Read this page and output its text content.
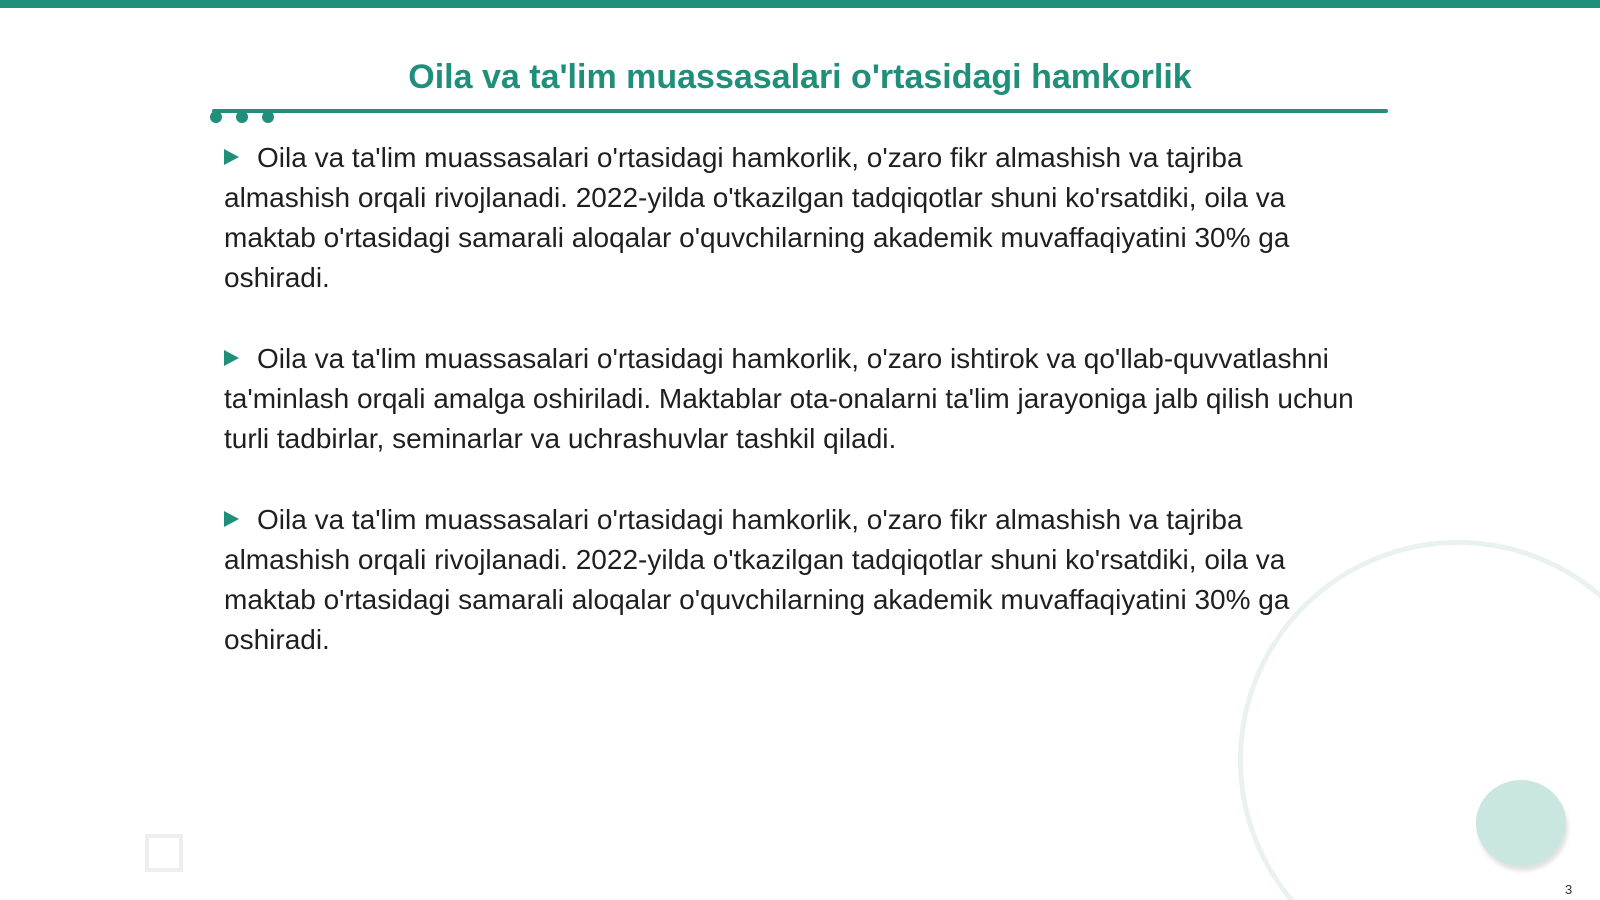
Oila va ta'lim muassasalari o'rtasidagi hamkorlik

Oila va ta'lim muassasalari o'rtasidagi hamkorlik, o'zaro fikr almashish va tajriba almashish orqali rivojlanadi. 2022-yilda o'tkazilgan tadqiqotlar shuni ko'rsatdiki, oila va maktab o'rtasidagi samarali aloqalar o'quvchilarning akademik muvaffaqiyatini 30% ga oshiradi.

Oila va ta'lim muassasalari o'rtasidagi hamkorlik, o'zaro ishtirok va qo'llab-quvvatlashni ta'minlash orqali amalga oshiriladi. Maktablar ota-onalarni ta'lim jarayoniga jalb qilish uchun turli tadbirlar, seminarlar va uchrashuvlar tashkil qiladi.

Oila va ta'lim muassasalari o'rtasidagi hamkorlik, o'zaro fikr almashish va tajriba almashish orqali rivojlanadi. 2022-yilda o'tkazilgan tadqiqotlar shuni ko'rsatdiki, oila va maktab o'rtasidagi samarali aloqalar o'quvchilarning akademik muvaffaqiyatini 30% ga oshiradi.

3
